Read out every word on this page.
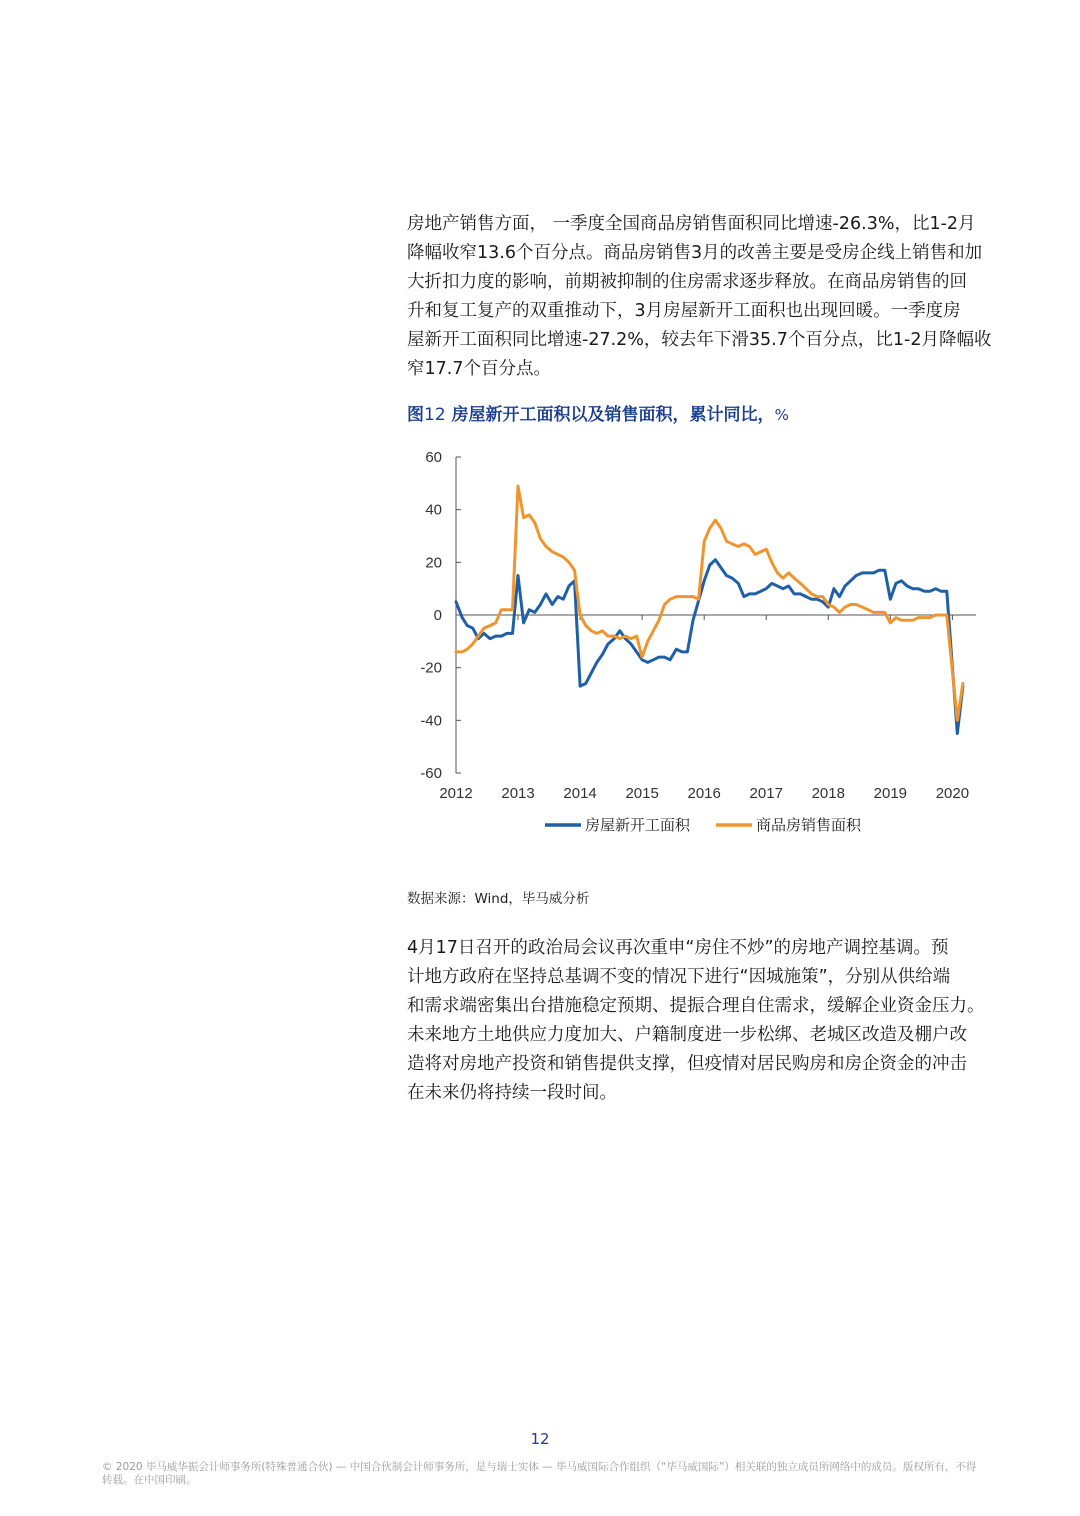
房地产销售方面， 一季度全国商品房销售面积同比增速-26.3%，比1-2月
降幅收窄13.6个百分点。商品房销售3月的改善主要是受房企线上销售和加
大折扣力度的影响，前期被抑制的住房需求逐步释放。在商品房销售的回
升和复工复产的双重推动下，3月房屋新开工面积也出现回暖。一季度房
屋新开工面积同比增速-27.2%，较去年下滑35.7个百分点，比1-2月降幅收
窄17.7个百分点。
图12 房屋新开工面积以及销售面积，累计同比，%
60
40
20
0
-20
-40
-60
2012 2013 2014 2015 2016 2017 2018 2019 2020
房屋新开工面积	商品房销售面积
数据来源：Wind，毕马威分析
4月17日召开的政治局会议再次重申“房住不炒”的房地产调控基调。预
计地方政府在坚持总基调不变的情况下进行“因城施策”，分别从供给端
和需求端密集出台措施稳定预期、提振合理自住需求，缓解企业资金压力。
未来地方土地供应力度加大、户籍制度进一步松绑、老城区改造及棚户改
造将对房地产投资和销售提供支撑，但疫情对居民购房和房企资金的冲击
在未来仍将持续一段时间。
12
© 2020 毕马威华振会计师事务所(特殊普通合伙) — 中国合伙制会计师事务所，是与瑞士实体 — 毕马威国际合作组织（“毕马威国际”）相关联的独立成员所网络中的成员。版权所有，不得转载。在中国印刷。
